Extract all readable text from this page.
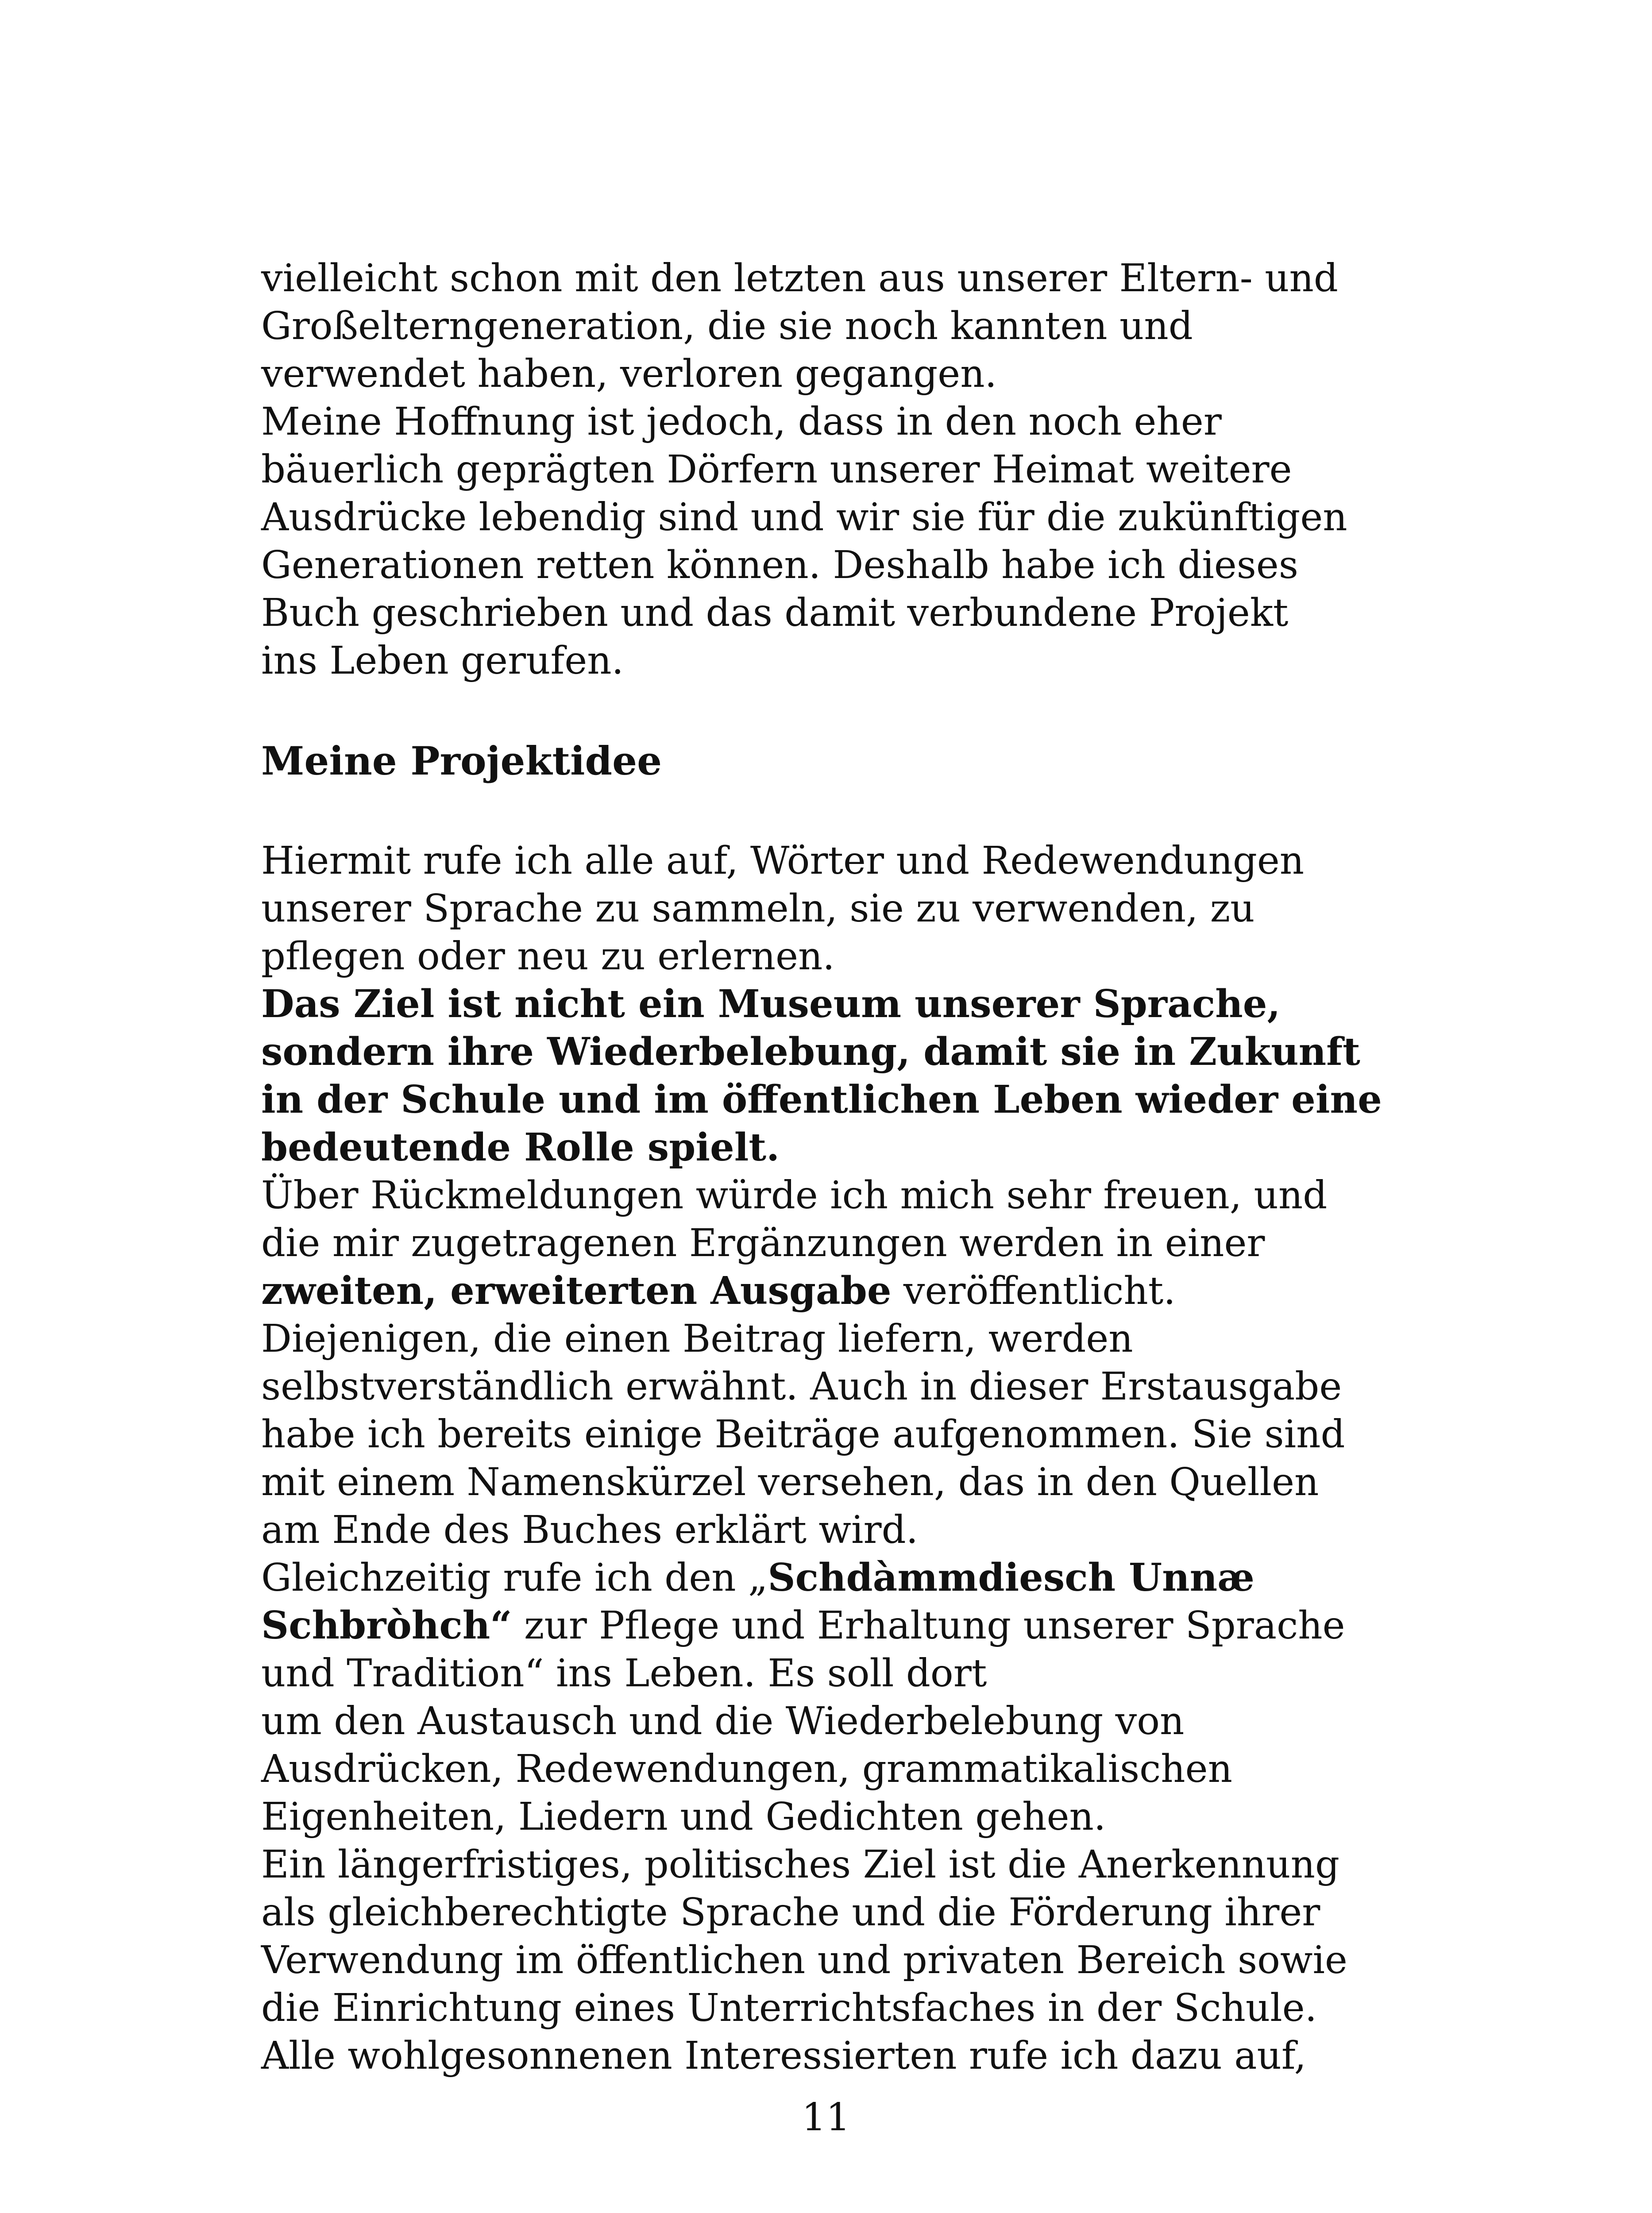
vielleicht schon mit den letzten aus unserer Eltern- und
Großelterngeneration, die sie noch kannten und
verwendet haben, verloren gegangen.
Meine Hoffnung ist jedoch, dass in den noch eher
bäuerlich geprägten Dörfern unserer Heimat weitere
Ausdrücke lebendig sind und wir sie für die zukünftigen
Generationen retten können. Deshalb habe ich dieses
Buch geschrieben und das damit verbundene Projekt
ins Leben gerufen.
Meine Projektidee
Hiermit rufe ich alle auf, Wörter und Redewendungen
unserer Sprache zu sammeln, sie zu verwenden, zu
pflegen oder neu zu erlernen.
Das Ziel ist nicht ein Museum unserer Sprache,
sondern ihre Wiederbelebung, damit sie in Zukunft
in der Schule und im öffentlichen Leben wieder eine
bedeutende Rolle spielt.
Über Rückmeldungen würde ich mich sehr freuen, und
die mir zugetragenen Ergänzungen werden in einer
zweiten, erweiterten Ausgabe veröffentlicht.
Diejenigen, die einen Beitrag liefern, werden
selbstverständlich erwähnt. Auch in dieser Erstausgabe
habe ich bereits einige Beiträge aufgenommen. Sie sind
mit einem Namenskürzel versehen, das in den Quellen
am Ende des Buches erklärt wird.
Gleichzeitig rufe ich den „Schdàmmdiesch Unnæ
Schbròhch“ zur Pflege und Erhaltung unserer Sprache
und Tradition“ ins Leben. Es soll dort
um den Austausch und die Wiederbelebung von
Ausdrücken, Redewendungen, grammatikalischen
Eigenheiten, Liedern und Gedichten gehen.
Ein längerfristiges, politisches Ziel ist die Anerkennung
als gleichberechtigte Sprache und die Förderung ihrer
Verwendung im öffentlichen und privaten Bereich sowie
die Einrichtung eines Unterrichtsfaches in der Schule.
Alle wohlgesonnenen Interessierten rufe ich dazu auf,
11
